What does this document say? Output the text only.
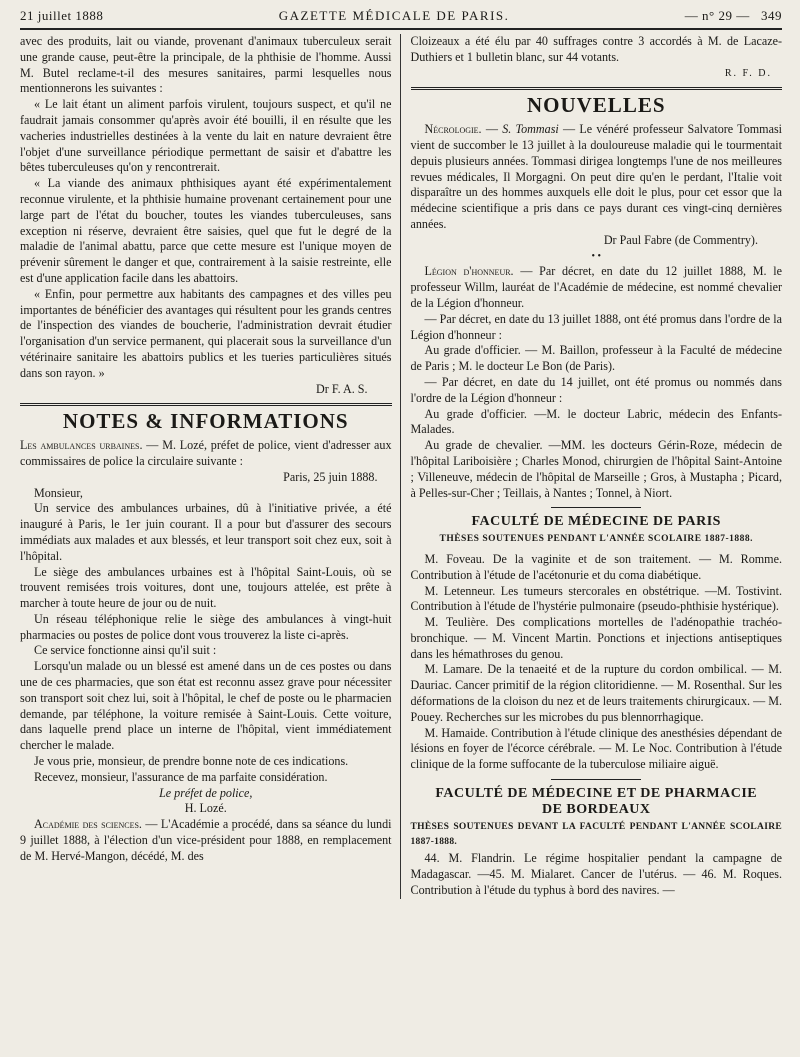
21 juillet 1888	GAZETTE MÉDICALE DE PARIS.	— n° 29 — 349

avec des produits, lait ou viande, provenant d'animaux tuberculeux serait une grande cause, peut-être la principale, de la phthisie de l'homme. Aussi M. Butel reclame-t-il des mesures sanitaires, parmi lesquelles nous mentionnerons les suivantes :

« Le lait étant un aliment parfois virulent, toujours suspect, et qu'il ne faudrait jamais consommer qu'après avoir été bouilli, il en résulte que les vacheries industrielles destinées à la vente du lait en nature devraient être l'objet d'une surveillance périodique permettant de saisir et d'abattre les bêtes tuberculeuses qu'on y rencontrerait.

« La viande des animaux phthisiques ayant été expérimentalement reconnue virulente, et la phthisie humaine provenant certainement pour une large part de l'état du boucher, toutes les viandes tuberculeuses, sans exception ni réserve, devraient être saisies, quel que fut le degré de la maladie de l'animal abattu, parce que cette mesure est l'unique moyen de prévenir sûrement le danger et que, contrairement à la saisie restreinte, elle est d'une application facile dans les abattoirs.

« Enfin, pour permettre aux habitants des campagnes et des villes peu importantes de bénéficier des avantages qui résultent pour les grands centres de l'inspection des viandes de boucherie, l'administration devrait étudier l'organisation d'un service permanent, qui placerait sous la surveillance d'un vétérinaire sanitaire les abattoirs publics et les tueries particulières situés dans son rayon. »

Dr F. A. S.
NOTES & INFORMATIONS

Les ambulances urbaines. — M. Lozé, préfet de police, vient d'adresser aux commissaires de police la circulaire suivante :

Paris, 25 juin 1888.

Monsieur,

Un service des ambulances urbaines, dû à l'initiative privée, a été inauguré à Paris, le 1er juin courant. Il a pour but d'assurer des secours immédiats aux malades et aux blessés, et leur transport soit chez eux, soit à l'hôpital.

Le siège des ambulances urbaines est à l'hôpital Saint-Louis, où se trouvent remisées trois voitures, dont une, toujours attelée, est prête à marcher à toute heure de jour ou de nuit.

Un réseau téléphonique relie le siège des ambulances à vingt-huit pharmacies ou postes de police dont vous trouverez la liste ci-après.

Ce service fonctionne ainsi qu'il suit :

Lorsqu'un malade ou un blessé est amené dans un de ces postes ou dans une de ces pharmacies, que son état est reconnu assez grave pour nécessiter son transport soit chez lui, soit à l'hôpital, le chef de poste ou le pharmacien demande, par téléphone, la voiture remisée à Saint-Louis. Cette voiture, dans laquelle prend place un interne de l'hôpital, vient immédiatement chercher le malade.

Je vous prie, monsieur, de prendre bonne note de ces indications.

Recevez, monsieur, l'assurance de ma parfaite considération.

Le préfet de police,
H. Lozé.

Académie des sciences. — L'Académie a procédé, dans sa séance du lundi 9 juillet 1888, à l'élection d'un vice-président pour 1888, en remplacement de M. Hervé-Mangon, décédé, M. des

Cloizeaux a été élu par 40 suffrages contre 3 accordés à M. de Lacaze-Duthiers et 1 bulletin blanc, sur 44 votants.

R. F. D.
NOUVELLES

Nécrologie. — S. Tommasi — Le vénéré professeur Salvatore Tommasi vient de succomber le 13 juillet à la douloureuse maladie qui le tourmentait depuis plusieurs années. Tommasi dirigea longtemps l'une de nos meilleures revues médicales, Il Morgagni. On peut dire qu'en le perdant, l'Italie voit disparaître un des hommes auxquels elle doit le plus, pour cet essor que la médecine scientifique a pris dans ce pays durant ces vingt-cinq dernières années.

Dr Paul Fabre (de Commentry).
• •

Légion d'honneur. — Par décret, en date du 12 juillet 1888, M. le professeur Willm, lauréat de l'Académie de médecine, est nommé chevalier de la Légion d'honneur.

— Par décret, en date du 13 juillet 1888, ont été promus dans l'ordre de la Légion d'honneur :

Au grade d'officier. — M. Baillon, professeur à la Faculté de médecine de Paris ; M. le docteur Le Bon (de Paris).

— Par décret, en date du 14 juillet, ont été promus ou nommés dans l'ordre de la Légion d'honneur :

Au grade d'officier. —M. le docteur Labric, médecin des Enfants-Malades.

Au grade de chevalier. —MM. les docteurs Gérin-Roze, médecin de l'hôpital Lariboisière ; Charles Monod, chirurgien de l'hôpital Saint-Antoine ; Villeneuve, médecin de l'hôpital de Marseille ; Gros, à Mustapha ; Picard, à Pelles-sur-Cher ; Teillais, à Nantes ; Tonnel, à Niort.

FACULTÉ DE MÉDECINE DE PARIS
THÈSES SOUTENUES PENDANT L'ANNÉE SCOLAIRE 1887-1888.

M. Foveau. De la vaginite et de son traitement. — M. Romme. Contribution à l'étude de l'acétonurie et du coma diabétique.

M. Letenneur. Les tumeurs stercorales en obstétrique. —M. Tostivint. Contribution à l'étude de l'hystérie pulmonaire (pseudo-phthisie hystérique).

M. Teulière. Des complications mortelles de l'adénopathie trachéo-bronchique. — M. Vincent Martin. Ponctions et injections antiseptiques dans les hémathroses du genou.

M. Lamare. De la tenaeité et de la rupture du cordon ombilical. — M. Dauriac. Cancer primitif de la région clitoridienne. — M. Rosenthal. Sur les déformations de la cloison du nez et de leurs traitements chirurgicaux. — M. Pouey. Recherches sur les microbes du pus blennorrhagique.

M. Hamaide. Contribution à l'étude clinique des anesthésies dépendant de lésions en foyer de l'écorce cérébrale. — M. Le Noc. Contribution à l'étude clinique de la forme suffocante de la tuberculose miliaire aiguë.

FACULTÉ DE MÉDECINE ET DE PHARMACIE
DE BORDEAUX
THÈSES SOUTENUES DEVANT LA FACULTÉ PENDANT L'ANNÉE SCOLAIRE 1887-1888.

44. M. Flandrin. Le régime hospitalier pendant la campagne de Madagascar. —45. M. Mialaret. Cancer de l'utérus. — 46. M. Roques. Contribution à l'étude du typhus à bord des navires. —
